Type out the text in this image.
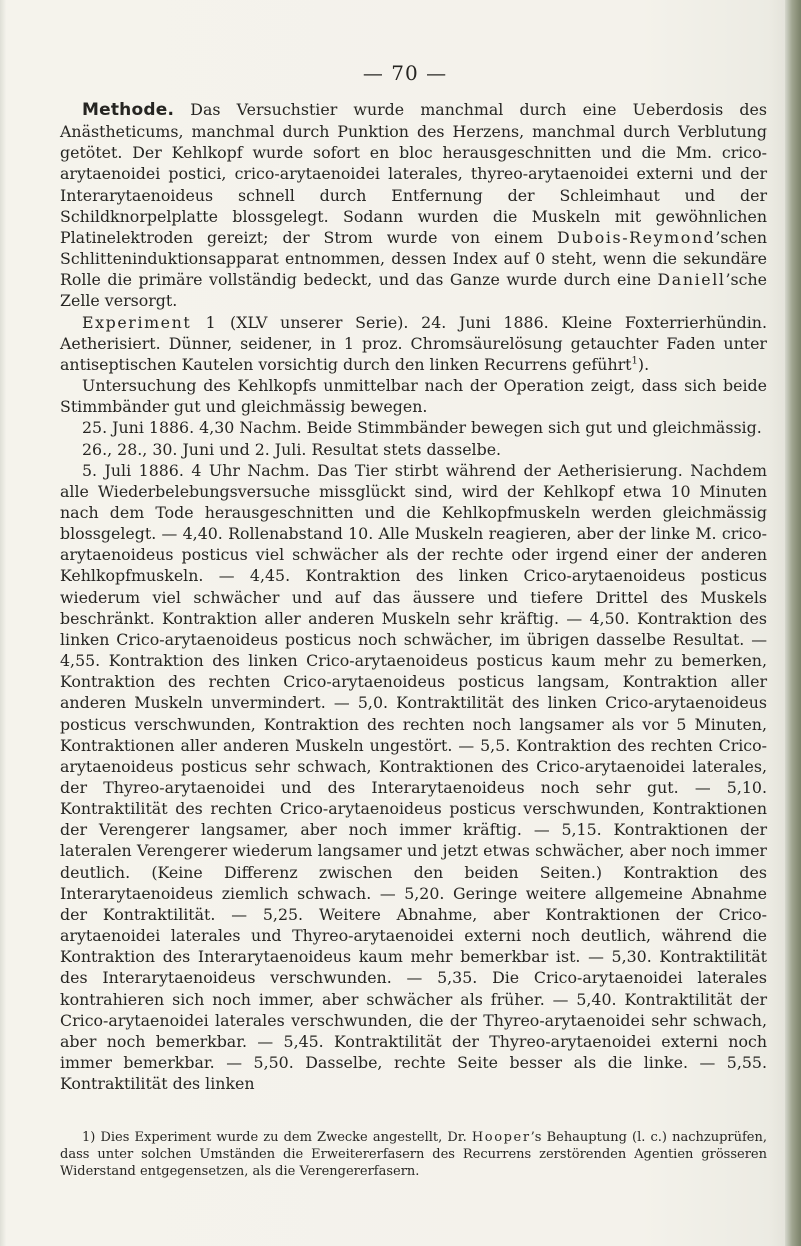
— 70 —

Methode. Das Versuchstier wurde manchmal durch eine Ueberdosis des Anästheticums, manchmal durch Punktion des Herzens, manchmal durch Verblutung getötet. Der Kehlkopf wurde sofort en bloc herausgeschnitten und die Mm. crico-arytaenoidei postici, crico-arytaenoidei laterales, thyreo-arytaenoidei externi und der Interarytaenoideus schnell durch Entfernung der Schleimhaut und der Schildknorpelplatte blossgelegt. Sodann wurden die Muskeln mit gewöhnlichen Platinelektroden gereizt; der Strom wurde von einem Dubois-Reymond’schen Schlitteninduktionsapparat entnommen, dessen Index auf 0 steht, wenn die sekundäre Rolle die primäre vollständig bedeckt, und das Ganze wurde durch eine Daniell’sche Zelle versorgt.

Experiment 1 (XLV unserer Serie). 24. Juni 1886. Kleine Foxterrierhündin. Aetherisiert. Dünner, seidener, in 1 proz. Chromsäurelösung getauchter Faden unter antiseptischen Kautelen vorsichtig durch den linken Recurrens geführt$^1$).

Untersuchung des Kehlkopfs unmittelbar nach der Operation zeigt, dass sich beide Stimmbänder gut und gleichmässig bewegen.

25. Juni 1886. 4,30 Nachm. Beide Stimmbänder bewegen sich gut und gleichmässig.

26., 28., 30. Juni und 2. Juli. Resultat stets dasselbe.

5. Juli 1886. 4 Uhr Nachm. Das Tier stirbt während der Aetherisierung. Nachdem alle Wiederbelebungsversuche missglückt sind, wird der Kehlkopf etwa 10 Minuten nach dem Tode herausgeschnitten und die Kehlkopfmuskeln werden gleichmässig blossgelegt. — 4,40. Rollenabstand 10. Alle Muskeln reagieren, aber der linke M. crico-arytaenoideus posticus viel schwächer als der rechte oder irgend einer der anderen Kehlkopfmuskeln. — 4,45. Kontraktion des linken Crico-arytaenoideus posticus wiederum viel schwächer und auf das äussere und tiefere Drittel des Muskels beschränkt. Kontraktion aller anderen Muskeln sehr kräftig. — 4,50. Kontraktion des linken Crico-arytaenoideus posticus noch schwächer, im übrigen dasselbe Resultat. — 4,55. Kontraktion des linken Crico-arytaenoideus posticus kaum mehr zu bemerken, Kontraktion des rechten Crico-arytaenoideus posticus langsam, Kontraktion aller anderen Muskeln unvermindert. — 5,0. Kontraktilität des linken Crico-arytaenoideus posticus verschwunden, Kontraktion des rechten noch langsamer als vor 5 Minuten, Kontraktionen aller anderen Muskeln ungestört. — 5,5. Kontraktion des rechten Crico-arytaenoideus posticus sehr schwach, Kontraktionen des Crico-arytaenoidei laterales, der Thyreo-arytaenoidei und des Interarytaenoideus noch sehr gut. — 5,10. Kontraktilität des rechten Crico-arytaenoideus posticus verschwunden, Kontraktionen der Verengerer langsamer, aber noch immer kräftig. — 5,15. Kontraktionen der lateralen Verengerer wiederum langsamer und jetzt etwas schwächer, aber noch immer deutlich. (Keine Differenz zwischen den beiden Seiten.) Kontraktion des Interarytaenoideus ziemlich schwach. — 5,20. Geringe weitere allgemeine Abnahme der Kontraktilität. — 5,25. Weitere Abnahme, aber Kontraktionen der Crico-arytaenoidei laterales und Thyreo-arytaenoidei externi noch deutlich, während die Kontraktion des Interarytaenoideus kaum mehr bemerkbar ist. — 5,30. Kontraktilität des Interarytaenoideus verschwunden. — 5,35. Die Crico-arytaenoidei laterales kontrahieren sich noch immer, aber schwächer als früher. — 5,40. Kontraktilität der Crico-arytaenoidei laterales verschwunden, die der Thyreo-arytaenoidei sehr schwach, aber noch bemerkbar. — 5,45. Kontraktilität der Thyreo-arytaenoidei externi noch immer bemerkbar. — 5,50. Dasselbe, rechte Seite besser als die linke. — 5,55. Kontraktilität des linken

1) Dies Experiment wurde zu dem Zwecke angestellt, Dr. Hooper’s Behauptung (l. c.) nachzuprüfen, dass unter solchen Umständen die Erweitererfasern des Recurrens zerstörenden Agentien grösseren Widerstand entgegensetzen, als die Verengererfasern.
